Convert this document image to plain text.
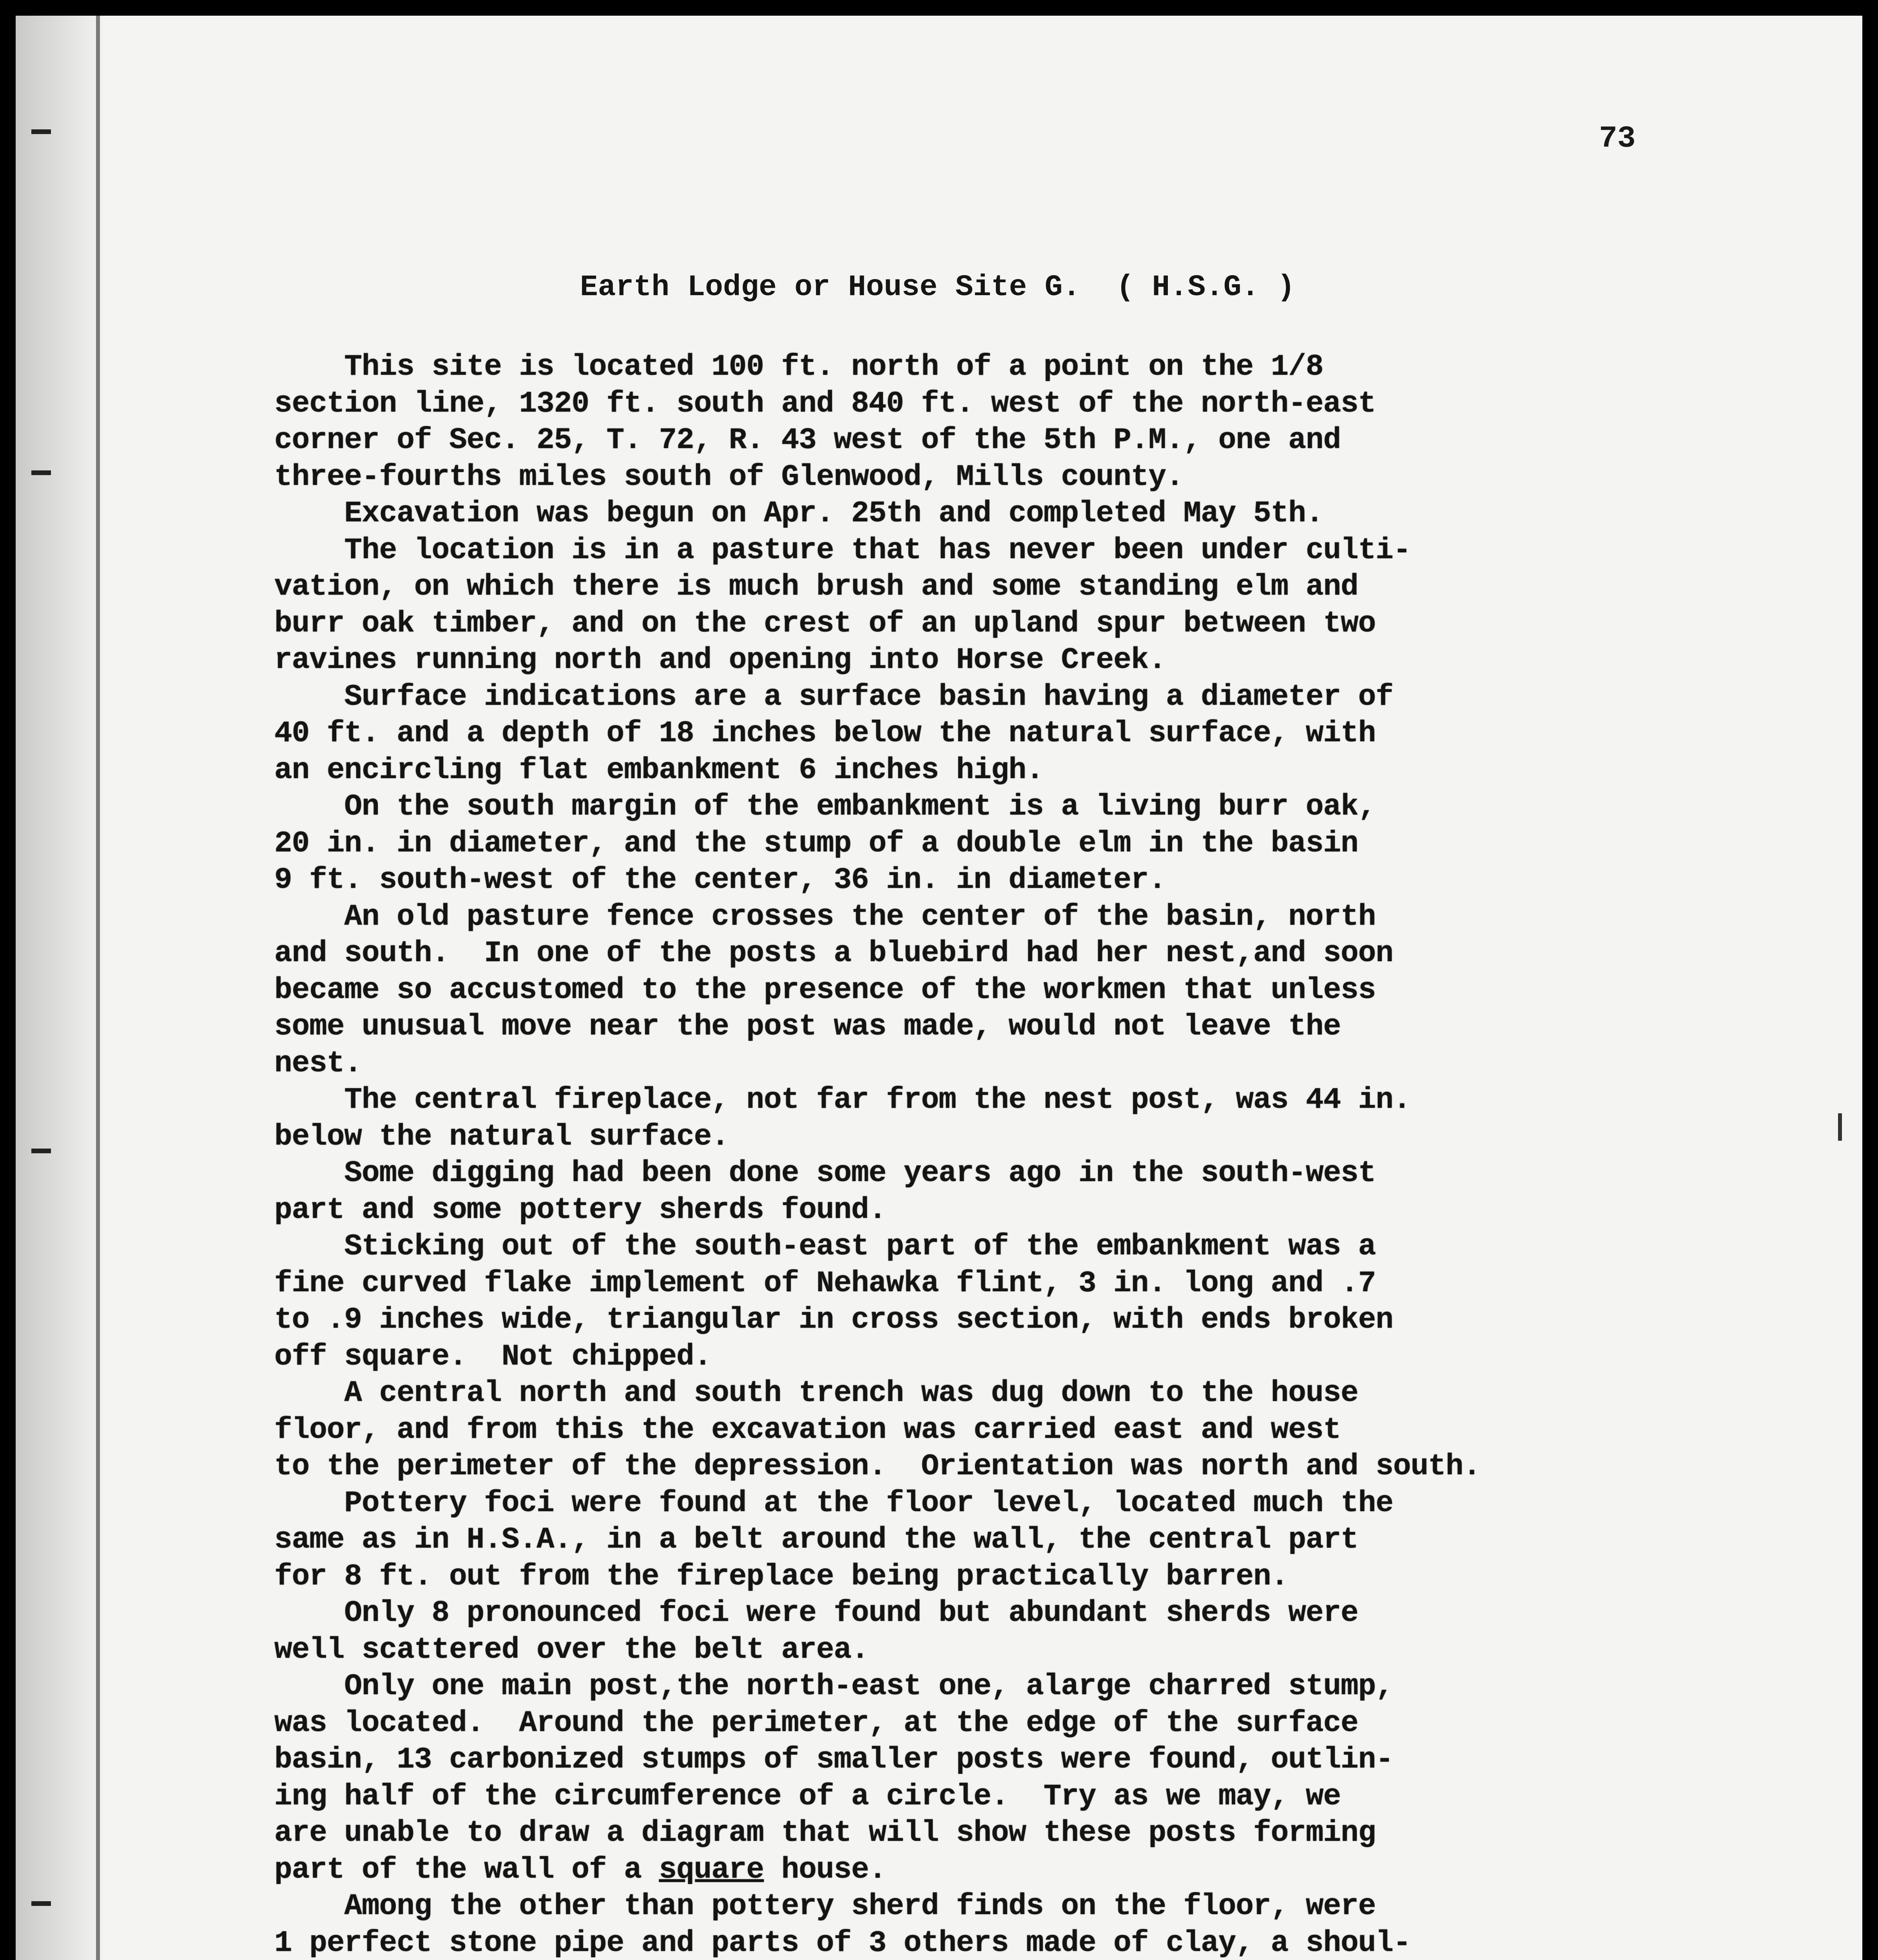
73
Earth Lodge or House Site G.  ( H.S.G. )
This site is located 100 ft. north of a point on the 1/8
section line, 1320 ft. south and 840 ft. west of the north-east
corner of Sec. 25, T. 72, R. 43 west of the 5th P.M., one and
three-fourths miles south of Glenwood, Mills county.
Excavation was begun on Apr. 25th and completed May 5th.
The location is in a pasture that has never been under culti-
vation, on which there is much brush and some standing elm and
burr oak timber, and on the crest of an upland spur between two
ravines running north and opening into Horse Creek.
Surface indications are a surface basin having a diameter of
40 ft. and a depth of 18 inches below the natural surface, with
an encircling flat embankment 6 inches high.
On the south margin of the embankment is a living burr oak,
20 in. in diameter, and the stump of a double elm in the basin
9 ft. south-west of the center, 36 in. in diameter.
An old pasture fence crosses the center of the basin, north
and south.  In one of the posts a bluebird had her nest,and soon
became so accustomed to the presence of the workmen that unless
some unusual move near the post was made, would not leave the
nest.
The central fireplace, not far from the nest post, was 44 in.
below the natural surface.
Some digging had been done some years ago in the south-west
part and some pottery sherds found.
Sticking out of the south-east part of the embankment was a
fine curved flake implement of Nehawka flint, 3 in. long and .7
to .9 inches wide, triangular in cross section, with ends broken
off square.  Not chipped.
A central north and south trench was dug down to the house
floor, and from this the excavation was carried east and west
to the perimeter of the depression.  Orientation was north and south.
Pottery foci were found at the floor level, located much the
same as in H.S.A., in a belt around the wall, the central part
for 8 ft. out from the fireplace being practically barren.
Only 8 pronounced foci were found but abundant sherds were
well scattered over the belt area.
Only one main post,the north-east one, alarge charred stump,
was located.  Around the perimeter, at the edge of the surface
basin, 13 carbonized stumps of smaller posts were found, outlin-
ing half of the circumference of a circle.  Try as we may, we
are unable to draw a diagram that will show these posts forming
part of the wall of a square house.
Among the other than pottery sherd finds on the floor, were
1 perfect stone pipe and parts of 3 others made of clay, a shoul-
